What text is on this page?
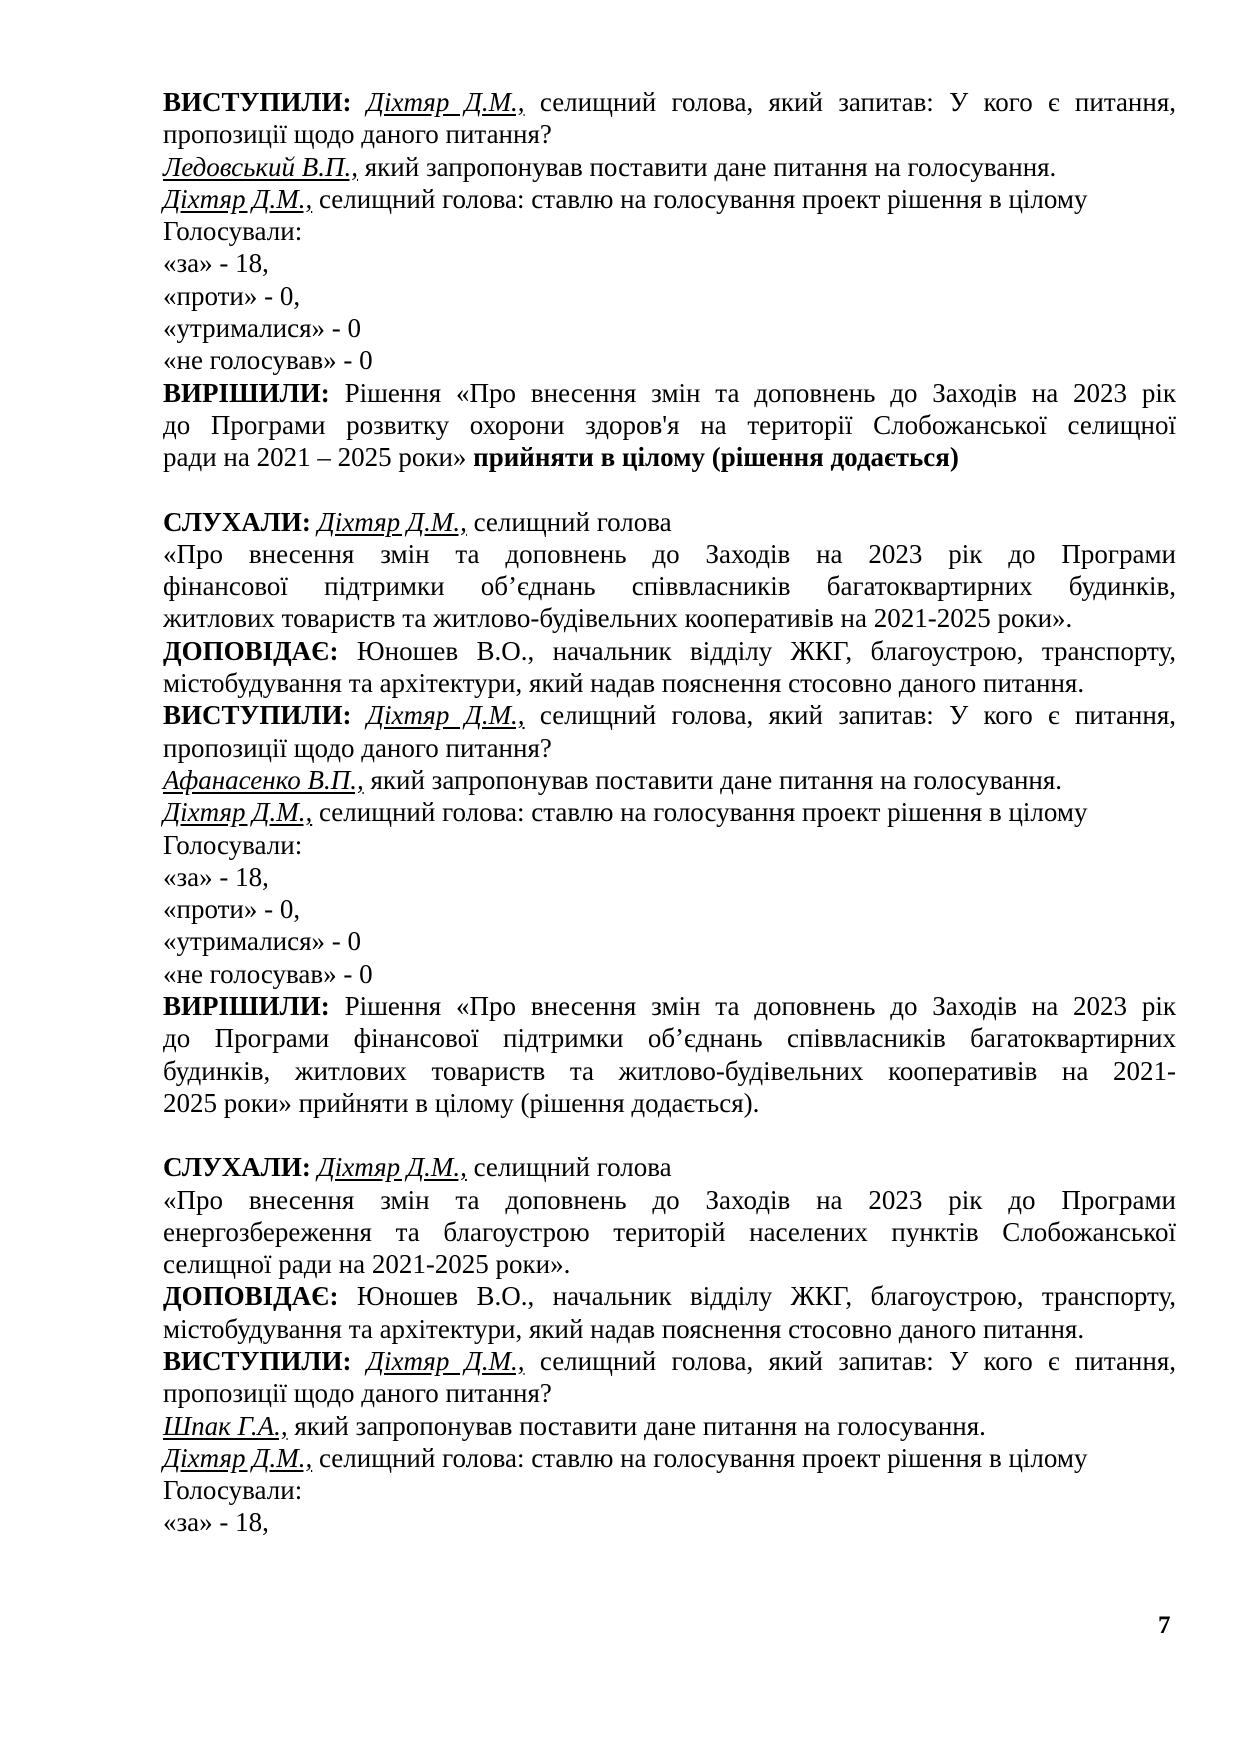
ВИСТУПИЛИ: Діхтяр Д.М., селищний голова, який запитав: У кого є питання,
пропозиції щодо даного питання?
Ледовський В.П., який запропонував поставити дане питання на голосування.
Діхтяр Д.М., селищний голова: ставлю на голосування проект рішення в цілому
Голосували:
«за» - 18,
«проти» - 0,
«утрималися» - 0
«не голосував» - 0
ВИРІШИЛИ: Рішення «Про внесення змін та доповнень до Заходів на 2023 рік
до Програми розвитку охорони здоров'я на території Слобожанської селищної
ради на 2021 – 2025 роки» прийняти в цілому (рішення додається)
СЛУХАЛИ: Діхтяр Д.М., селищний голова
«Про внесення змін та доповнень до Заходів на 2023 рік до Програми
фінансової підтримки об’єднань співвласників багатоквартирних будинків,
житлових товариств та житлово-будівельних кооперативів на 2021-2025 роки».
ДОПОВІДАЄ: Юношев В.О., начальник відділу ЖКГ, благоустрою, транспорту,
містобудування та архітектури, який надав пояснення стосовно даного питання.
ВИСТУПИЛИ: Діхтяр Д.М., селищний голова, який запитав: У кого є питання,
пропозиції щодо даного питання?
Афанасенко В.П., який запропонував поставити дане питання на голосування.
Діхтяр Д.М., селищний голова: ставлю на голосування проект рішення в цілому
Голосували:
«за» - 18,
«проти» - 0,
«утрималися» - 0
«не голосував» - 0
ВИРІШИЛИ: Рішення «Про внесення змін та доповнень до Заходів на 2023 рік
до Програми фінансової підтримки об’єднань співвласників багатоквартирних
будинків, житлових товариств та житлово-будівельних кооперативів на 2021-
2025 роки» прийняти в цілому (рішення додається).
СЛУХАЛИ: Діхтяр Д.М., селищний голова
«Про внесення змін та доповнень до Заходів на 2023 рік до Програми
енергозбереження та благоустрою територій населених пунктів Слобожанської
селищної ради на 2021-2025 роки».
ДОПОВІДАЄ: Юношев В.О., начальник відділу ЖКГ, благоустрою, транспорту,
містобудування та архітектури, який надав пояснення стосовно даного питання.
ВИСТУПИЛИ: Діхтяр Д.М., селищний голова, який запитав: У кого є питання,
пропозиції щодо даного питання?
Шпак Г.А., який запропонував поставити дане питання на голосування.
Діхтяр Д.М., селищний голова: ставлю на голосування проект рішення в цілому
Голосували:
«за» - 18,
7
